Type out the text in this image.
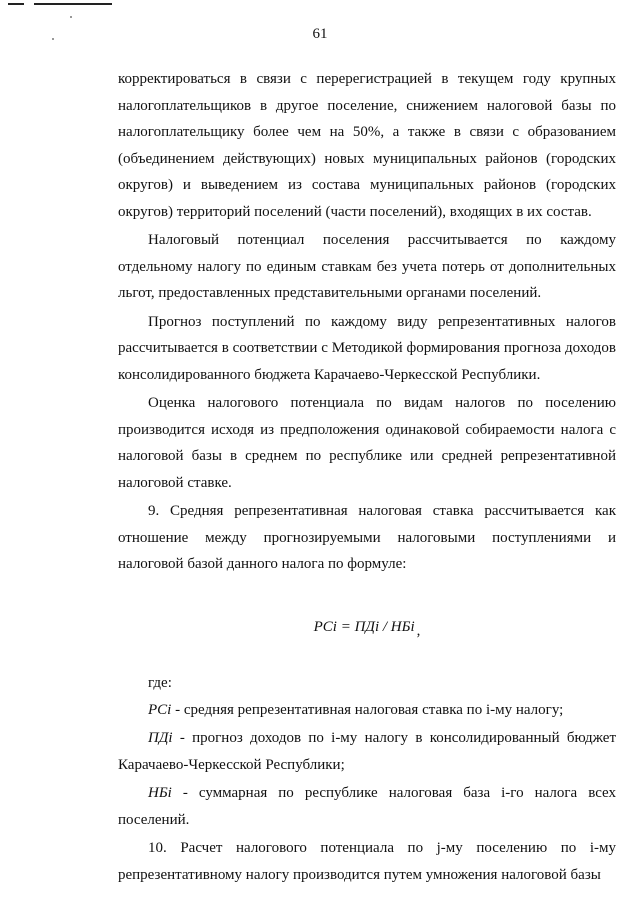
61

корректироваться в связи с перерегистрацией в текущем году крупных налогоплательщиков в другое поселение, снижением налоговой базы по налогоплательщику более чем на 50%, а также в связи с образованием (объединением действующих) новых муниципальных районов (городских округов) и выведением из состава муниципальных районов (городских округов) территорий поселений (части поселений), входящих в их состав.

Налоговый потенциал поселения рассчитывается по каждому отдельному налогу по единым ставкам без учета потерь от дополнительных льгот, предоставленных представительными органами поселений.

Прогноз поступлений по каждому виду репрезентативных налогов рассчитывается в соответствии с Методикой формирования прогноза доходов консолидированного бюджета Карачаево-Черкесской Республики.

Оценка налогового потенциала по видам налогов по поселению производится исходя из предположения одинаковой собираемости налога с налоговой базы в среднем по республике или средней репрезентативной налоговой ставке.

9. Средняя репрезентативная налоговая ставка рассчитывается как отношение между прогнозируемыми налоговыми поступлениями и налоговой базой данного налога по формуле:

РСi = ПДi / НБi ,

где:

РСi - средняя репрезентативная налоговая ставка по i-му налогу;

ПДi - прогноз доходов по i-му налогу в консолидированный бюджет Карачаево-Черкесской Республики;

НБi - суммарная по республике налоговая база i-го налога всех поселений.

10. Расчет налогового потенциала по j-му поселению по i-му репрезентативному налогу производится путем умножения налоговой базы
